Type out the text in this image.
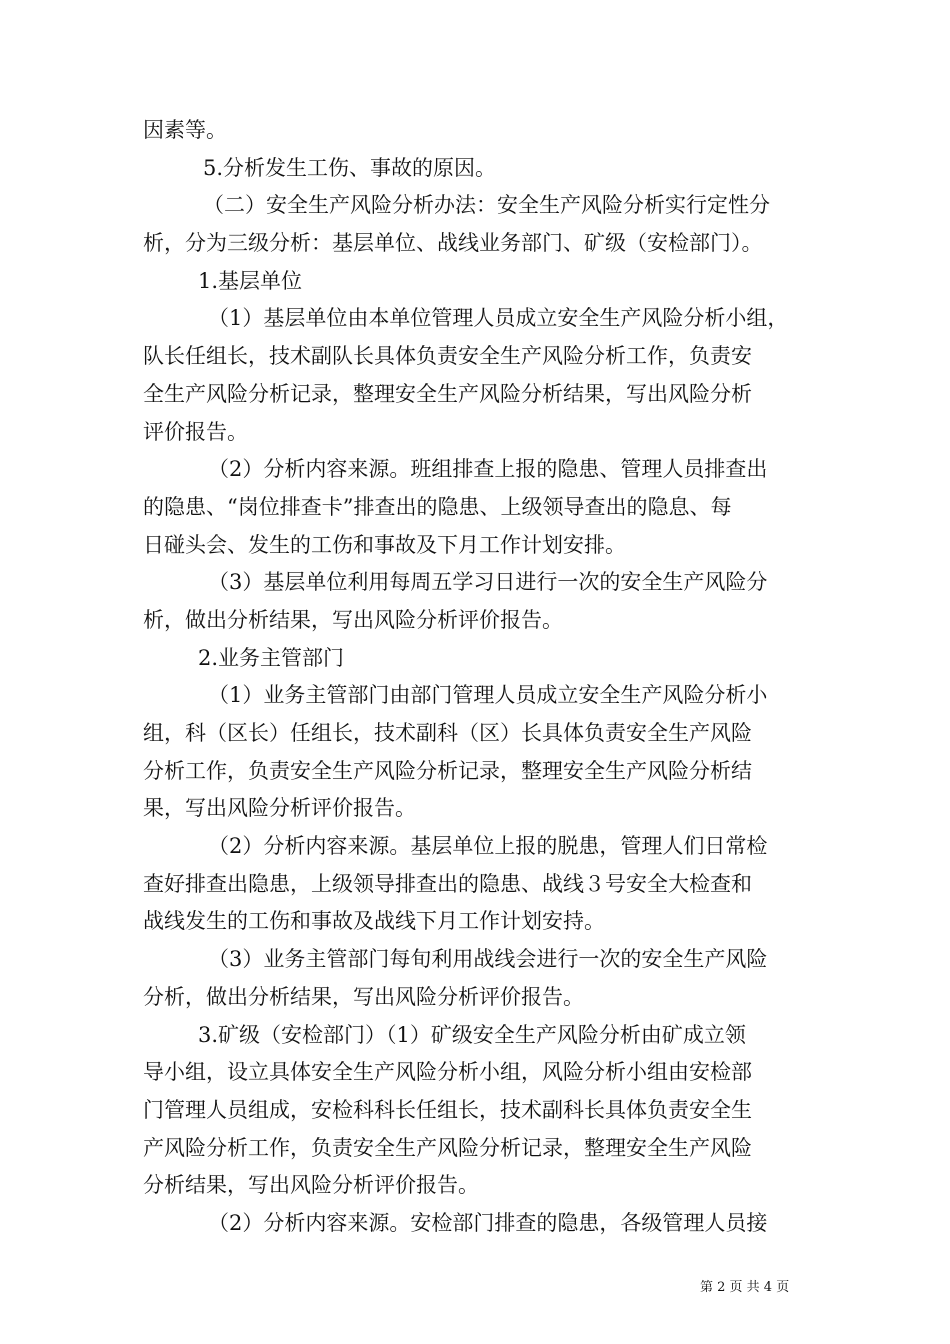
因素等。
5.分析发生工伤、事故的原因。
（二）安全生产风险分析办法：安全生产风险分析实行定性分
析，分为三级分析：基层单位、战线业务部门、矿级（安检部门）。
1.基层单位
（1）基层单位由本单位管理人员成立安全生产风险分析小组，
队长任组长，技术副队长具体负责安全生产风险分析工作，负责安
全生产风险分析记录，整理安全生产风险分析结果，写出风险分析
评价报告。
（2）分析内容来源。班组排查上报的隐患、管理人员排查出
的隐患、“岗位排查卡”排查出的隐患、上级领导查出的隐息、每
日碰头会、发生的工伤和事故及下月工作计划安排。
（3）基层单位利用每周五学习日进行一次的安全生产风险分
析，做出分析结果，写出风险分析评价报告。
2.业务主管部门
（1）业务主管部门由部门管理人员成立安全生产风险分析小
组，科（区长）任组长，技术副科（区）长具体负责安全生产风险
分析工作，负责安全生产风险分析记录，整理安全生产风险分析结
果，写出风险分析评价报告。
（2）分析内容来源。基层单位上报的脱患，管理人们日常检
查好排查出隐患，上级领导排查出的隐患、战线３号安全大检查和
战线发生的工伤和事故及战线下月工作计划安持。
（3）业务主管部门每旬利用战线会进行一次的安全生产风险
分析，做出分析结果，写出风险分析评价报告。
3.矿级（安检部门）（1）矿级安全生产风险分析由矿成立领
导小组，设立具体安全生产风险分析小组，风险分析小组由安检部
门管理人员组成，安检科科长任组长，技术副科长具体负责安全生
产风险分析工作，负责安全生产风险分析记录，整理安全生产风险
分析结果，写出风险分析评价报告。
（2）分析内容来源。安检部门排查的隐患，各级管理人员接
第 2 页 共 4 页
